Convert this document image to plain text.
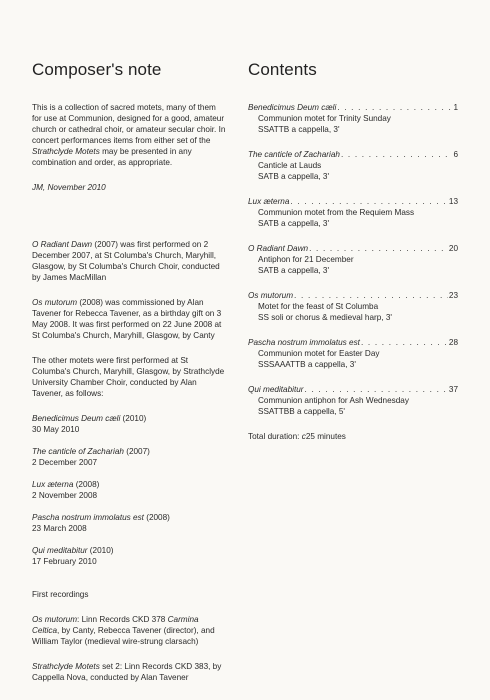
Composer's note

This is a collection of sacred motets, many of them for use at Communion, designed for a good, amateur church or cathedral choir, or amateur secular choir. In concert performances items from either set of the Strathclyde Motets may be presented in any combination and order, as appropriate.

JM, November 2010

O Radiant Dawn (2007) was first performed on 2 December 2007, at St Columba's Church, Maryhill, Glasgow, by St Columba's Church Choir, conducted by James MacMillan

Os mutorum (2008) was commissioned by Alan Tavener for Rebecca Tavener, as a birthday gift on 3 May 2008. It was first performed on 22 June 2008 at St Columba's Church, Maryhill, Glasgow, by Canty

The other motets were first performed at St Columba's Church, Maryhill, Glasgow, by Strathclyde University Chamber Choir, conducted by Alan Tavener, as follows:

Benedicimus Deum cæli (2010)

30 May 2010

The canticle of Zachariah (2007)

2 December 2007

Lux æterna (2008)

2 November 2008

Pascha nostrum immolatus est (2008)

23 March 2008

Qui meditabitur (2010)

17 February 2010

First recordings

Os mutorum: Linn Records CKD 378 Carmina Celtica, by Canty, Rebecca Tavener (director), and William Taylor (medieval wire-strung clarsach)

Strathclyde Motets set 2: Linn Records CKD 383, by Cappella Nova, conducted by Alan Tavener

Contents
Benedicimus Deum cæli . . .	1
Communion motet for Trinity Sunday
SSATTB a cappella, 3'
The canticle of Zachariah . . .	6
Canticle at Lauds
SATB a cappella, 3'
Lux æterna . . .	13
Communion motet from the Requiem Mass
SATB a cappella, 3'
O Radiant Dawn . . .	20
Antiphon for 21 December
SATB a cappella, 3'
Os mutorum . . .	23
Motet for the feast of St Columba
SS soli or chorus & medieval harp, 3'
Pascha nostrum immolatus est . . .	28
Communion motet for Easter Day
SSSAAATTB a cappella, 3'
Qui meditabitur . . .	37
Communion antiphon for Ash Wednesday
SSATTBB a cappella, 5'

Total duration: c25 minutes
